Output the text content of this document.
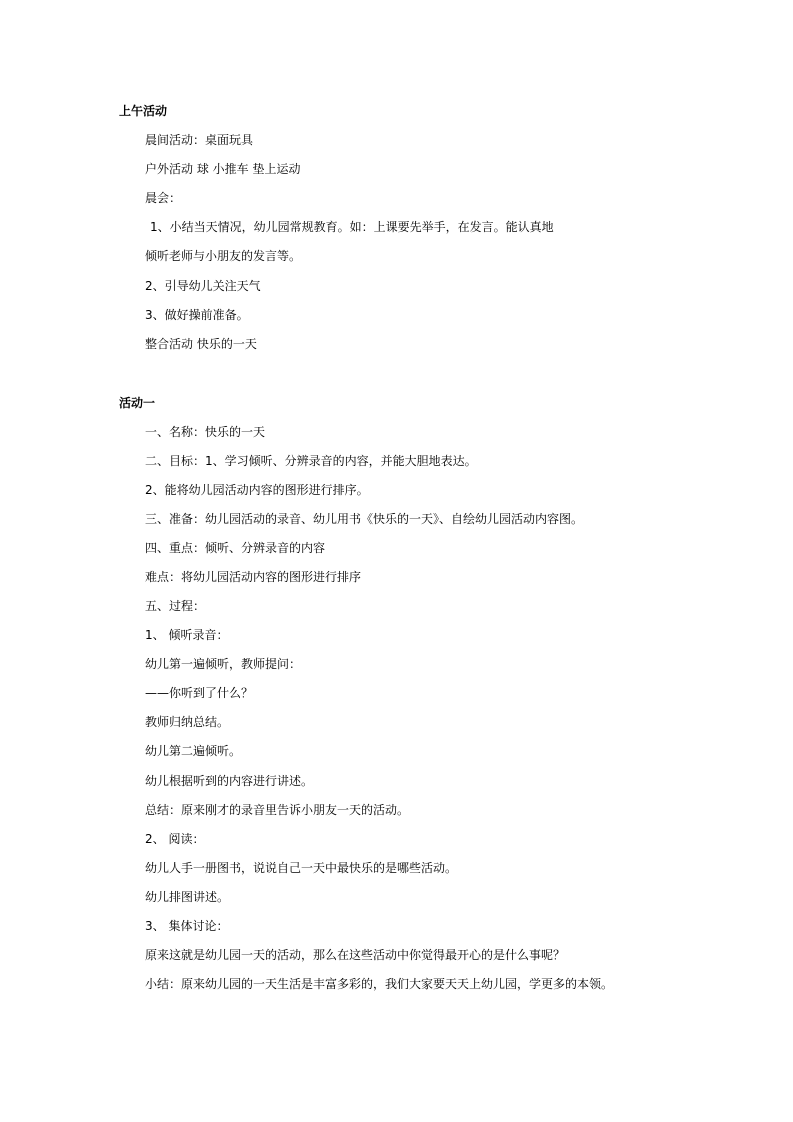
上午活动
晨间活动：桌面玩具
户外活动 球 小推车 垫上运动
晨会：
1、小结当天情况，幼儿园常规教育。如：上课要先举手，在发言。能认真地
倾听老师与小朋友的发言等。
2、引导幼儿关注天气
3、做好操前准备。
整合活动 快乐的一天
活动一
一、名称：快乐的一天
二、目标：1、学习倾听、分辨录音的内容，并能大胆地表达。
2、能将幼儿园活动内容的图形进行排序。
三、准备：幼儿园活动的录音、幼儿用书《快乐的一天》、自绘幼儿园活动内容图。
四、重点：倾听、分辨录音的内容
难点：将幼儿园活动内容的图形进行排序
五、过程：
1、 倾听录音：
幼儿第一遍倾听，教师提问：
——你听到了什么？
教师归纳总结。
幼儿第二遍倾听。
幼儿根据听到的内容进行讲述。
总结：原来刚才的录音里告诉小朋友一天的活动。
2、 阅读：
幼儿人手一册图书，说说自己一天中最快乐的是哪些活动。
幼儿排图讲述。
3、 集体讨论：
原来这就是幼儿园一天的活动，那么在这些活动中你觉得最开心的是什么事呢？
小结：原来幼儿园的一天生活是丰富多彩的，我们大家要天天上幼儿园，学更多的本领。
